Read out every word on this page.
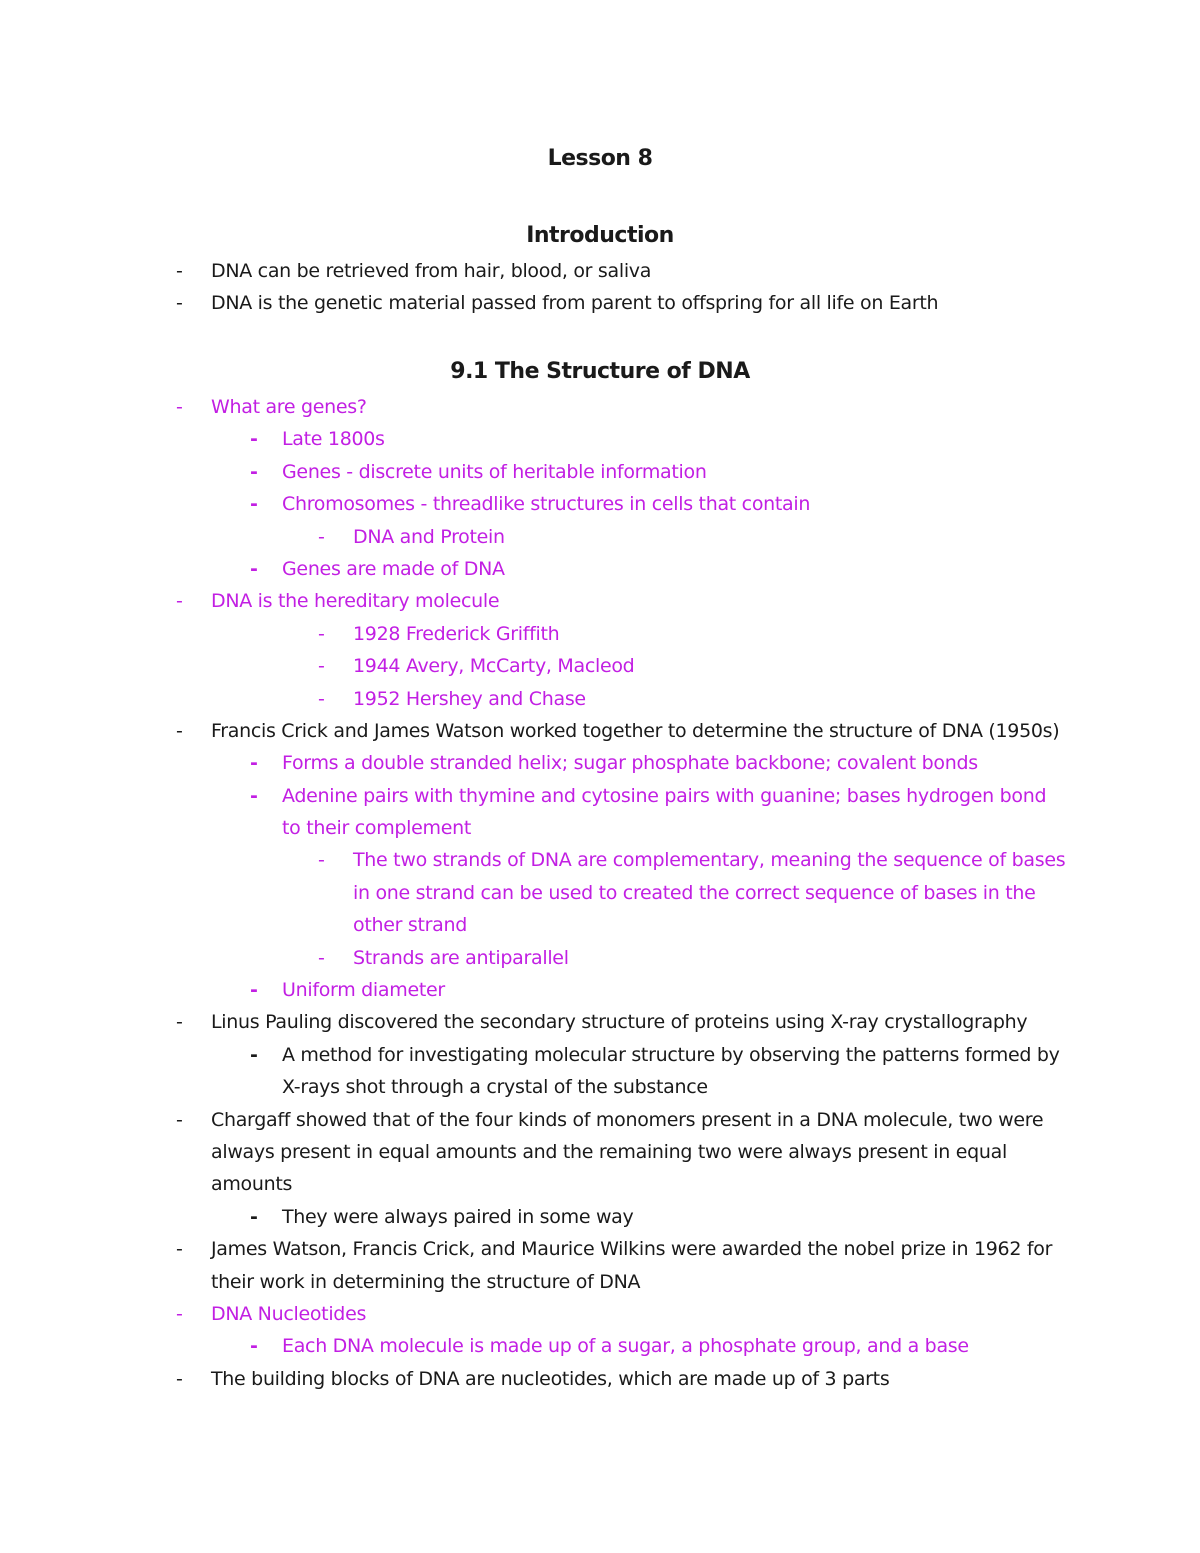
Lesson 8
Introduction
- DNA can be retrieved from hair, blood, or saliva
- DNA is the genetic material passed from parent to offspring for all life on Earth
9.1 The Structure of DNA
- What are genes?
- Late 1800s
- Genes - discrete units of heritable information
- Chromosomes - threadlike structures in cells that contain
- DNA and Protein
- Genes are made of DNA
- DNA is the hereditary molecule
- 1928 Frederick Griffith
- 1944 Avery, McCarty, Macleod
- 1952 Hershey and Chase
- Francis Crick and James Watson worked together to determine the structure of DNA (1950s)
- Forms a double stranded helix; sugar phosphate backbone; covalent bonds
- Adenine pairs with thymine and cytosine pairs with guanine; bases hydrogen bond
to their complement
- The two strands of DNA are complementary, meaning the sequence of bases
in one strand can be used to created the correct sequence of bases in the
other strand
- Strands are antiparallel
- Uniform diameter
- Linus Pauling discovered the secondary structure of proteins using X-ray crystallography
- A method for investigating molecular structure by observing the patterns formed by
X-rays shot through a crystal of the substance
- Chargaff showed that of the four kinds of monomers present in a DNA molecule, two were
always present in equal amounts and the remaining two were always present in equal
amounts
- They were always paired in some way
- James Watson, Francis Crick, and Maurice Wilkins were awarded the nobel prize in 1962 for
their work in determining the structure of DNA
- DNA Nucleotides
- Each DNA molecule is made up of a sugar, a phosphate group, and a base
- The building blocks of DNA are nucleotides, which are made up of 3 parts
